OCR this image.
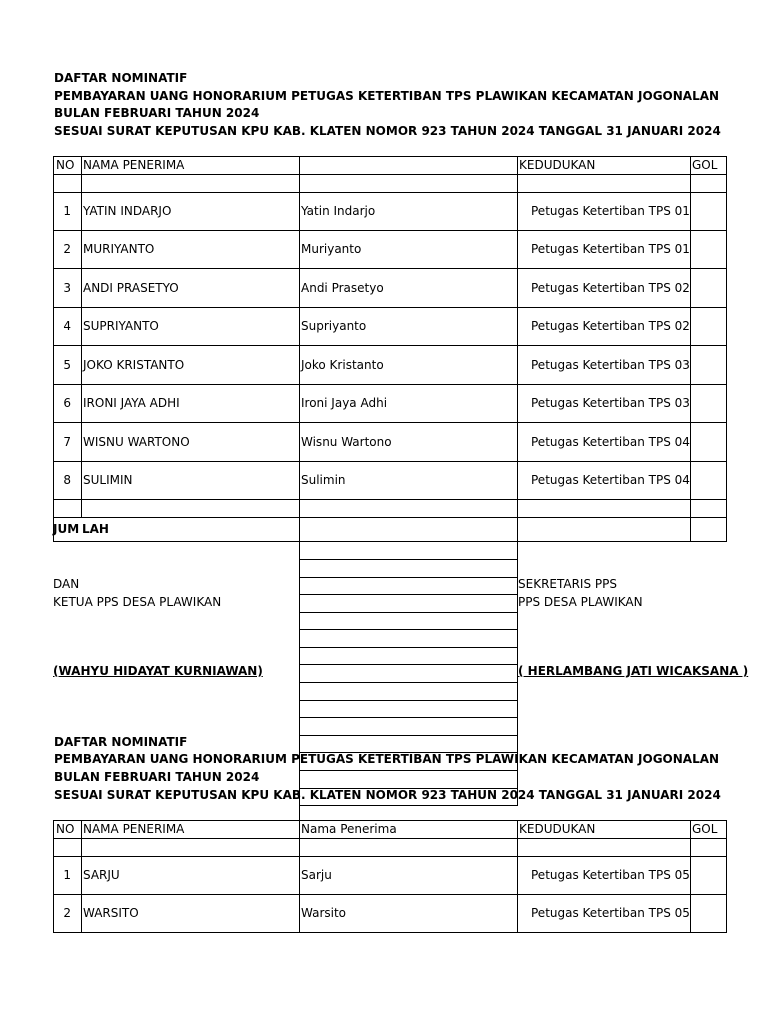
DAFTAR NOMINATIF
PEMBAYARAN UANG HONORARIUM PETUGAS KETERTIBAN TPS PLAWIKAN KECAMATAN JOGONALAN
BULAN FEBRUARI TAHUN 2024
SESUAI SURAT KEPUTUSAN KPU KAB. KLATEN NOMOR 923 TAHUN 2024 TANGGAL 31 JANUARI 2024
NO NAMA PENERIMA	KEDUDUKAN	GOL
1 YATIN INDARJO	Yatin Indarjo	Petugas Ketertiban TPS 01
2 MURIYANTO	Muriyanto	Petugas Ketertiban TPS 01
3 ANDI PRASETYO	Andi Prasetyo	Petugas Ketertiban TPS 02
4 SUPRIYANTO	Supriyanto	Petugas Ketertiban TPS 02
5 JOKO KRISTANTO	Joko Kristanto	Petugas Ketertiban TPS 03
6 IRONI JAYA ADHI	Ironi Jaya Adhi	Petugas Ketertiban TPS 03
7 WISNU WARTONO	Wisnu Wartono	Petugas Ketertiban TPS 04
8 SULIMIN	Sulimin	Petugas Ketertiban TPS 04
JUM LAH
DAN
KETUA PPS DESA PLAWIKAN
(WAHYU HIDAYAT KURNIAWAN)
SEKRETARIS PPS
PPS DESA PLAWIKAN
( HERLAMBANG JATI WICAKSANA )
DAFTAR NOMINATIF
PEMBAYARAN UANG HONORARIUM PETUGAS KETERTIBAN TPS PLAWIKAN KECAMATAN JOGONALAN
BULAN FEBRUARI TAHUN 2024
SESUAI SURAT KEPUTUSAN KPU KAB. KLATEN NOMOR 923 TAHUN 2024 TANGGAL 31 JANUARI 2024
NO NAMA PENERIMA	Nama Penerima	KEDUDUKAN	GOL
1 SARJU	Sarju	Petugas Ketertiban TPS 05
2 WARSITO	Warsito	Petugas Ketertiban TPS 05
